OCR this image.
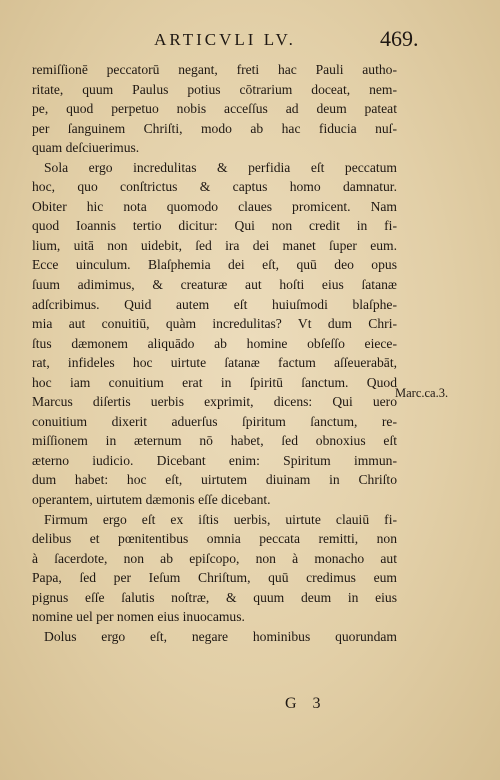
ARTICVLI LV.	469.
remiſſionē peccatorū negant, freti hac Pauli autho-
ritate, quum Paulus potius cōtrarium doceat, nem-
pe, quod perpetuo nobis acceſſus ad deum pateat
per ſanguinem Chriſti, modo ab hac fiducia nuſ-
quam deſciuerimus.
Sola ergo incredulitas & perfidia eſt peccatum
hoc, quo conſtrictus & captus homo damnatur.
Obiter hic nota quomodo claues promicent. Nam
quod Ioannis tertio dicitur: Qui non credit in fi-
lium, uitā non uidebit, ſed ira dei manet ſuper eum.
Ecce uinculum. Blaſphemia dei eſt, quū deo opus
ſuum adimimus, & creaturæ aut hoſti eius ſatanæ
adſcribimus. Quid autem eſt huiuſmodi blaſphe-
mia aut conuitiū, quàm incredulitas? Vt dum Chri-
ſtus dæmonem aliquādo ab homine obſeſſo eiece-
rat, infideles hoc uirtute ſatanæ factum aſſeuerabāt,
hoc iam conuitium erat in ſpiritū ſanctum. Quod
Marcus diſertis uerbis exprimit, dicens: Qui uero
conuitium dixerit aduerſus ſpiritum ſanctum, re-
miſſionem in æternum nō habet, ſed obnoxius eſt
æterno iudicio. Dicebant enim: Spiritum immun-
dum habet: hoc eſt, uirtutem diuinam in Chriſto
operantem, uirtutem dæmonis eſſe dicebant.
Firmum ergo eſt ex iſtis uerbis, uirtute clauiū fi-
delibus et pœnitentibus omnia peccata remitti, non
à ſacerdote, non ab epiſcopo, non à monacho aut
Papa, ſed per Ieſum Chriſtum, quū credimus eum
pignus eſſe ſalutis noſtræ, & quum deum in eius
nomine uel per nomen eius inuocamus.
Dolus ergo eſt, negare hominibus quorundam
Marc.ca.3.
G 3
